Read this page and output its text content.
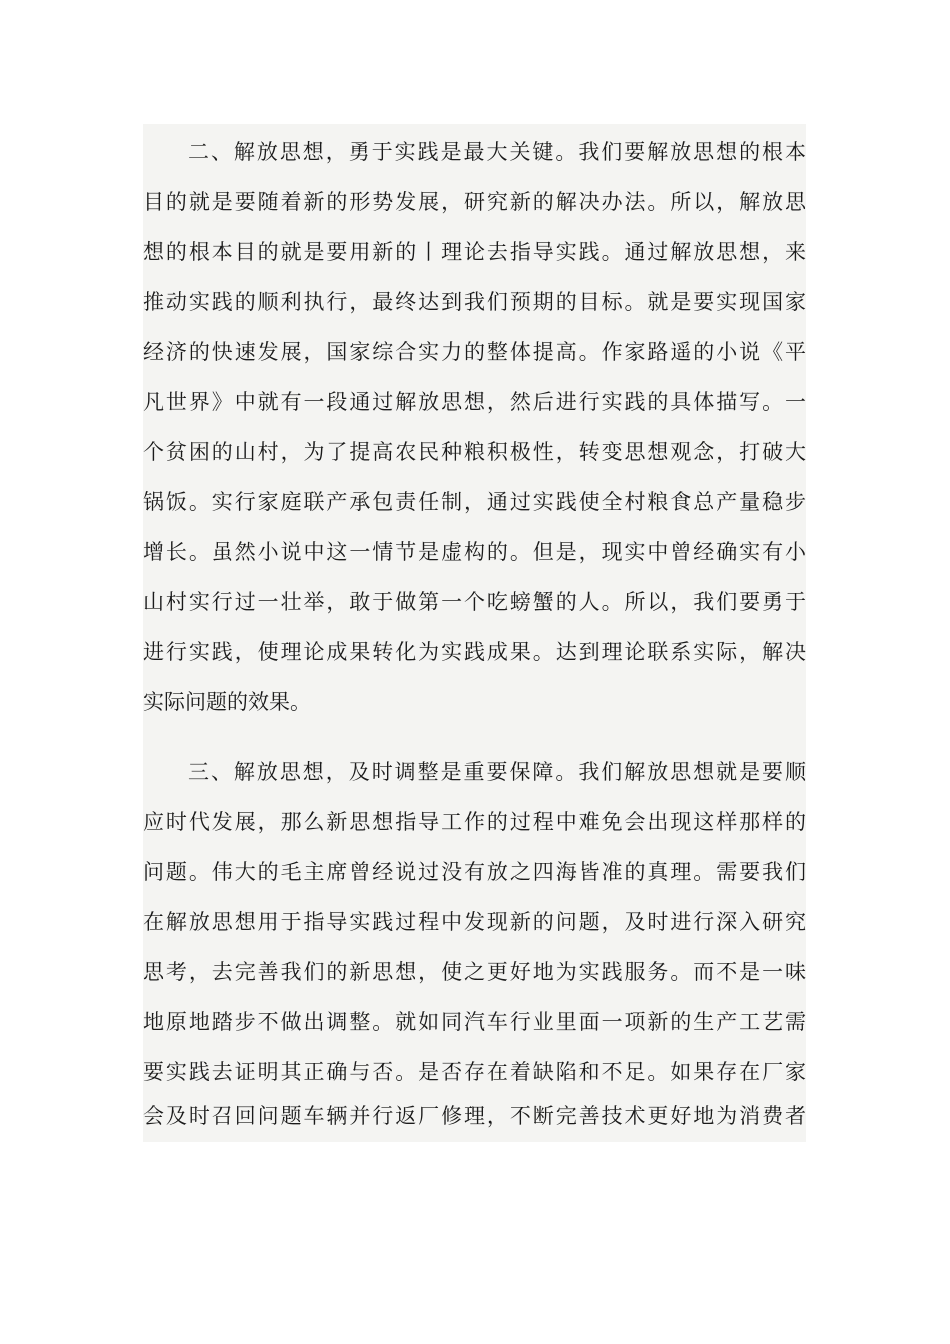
二、解放思想，勇于实践是最大关键。我们要解放思想的根本
目的就是要随着新的形势发展，研究新的解决办法。所以，解放思
想的根本目的就是要用新的丨理论去指导实践。通过解放思想，来
推动实践的顺利执行，最终达到我们预期的目标。就是要实现国家
经济的快速发展，国家综合实力的整体提高。作家路遥的小说《平
凡世界》中就有一段通过解放思想，然后进行实践的具体描写。一
个贫困的山村，为了提高农民种粮积极性，转变思想观念，打破大
锅饭。实行家庭联产承包责任制，通过实践使全村粮食总产量稳步
增长。虽然小说中这一情节是虚构的。但是，现实中曾经确实有小
山村实行过一壮举，敢于做第一个吃螃蟹的人。所以，我们要勇于
进行实践，使理论成果转化为实践成果。达到理论联系实际，解决
实际问题的效果。
三、解放思想，及时调整是重要保障。我们解放思想就是要顺
应时代发展，那么新思想指导工作的过程中难免会出现这样那样的
问题。伟大的毛主席曾经说过没有放之四海皆准的真理。需要我们
在解放思想用于指导实践过程中发现新的问题，及时进行深入研究
思考，去完善我们的新思想，使之更好地为实践服务。而不是一味
地原地踏步不做出调整。就如同汽车行业里面一项新的生产工艺需
要实践去证明其正确与否。是否存在着缺陷和不足。如果存在厂家
会及时召回问题车辆并行返厂修理，不断完善技术更好地为消费者
